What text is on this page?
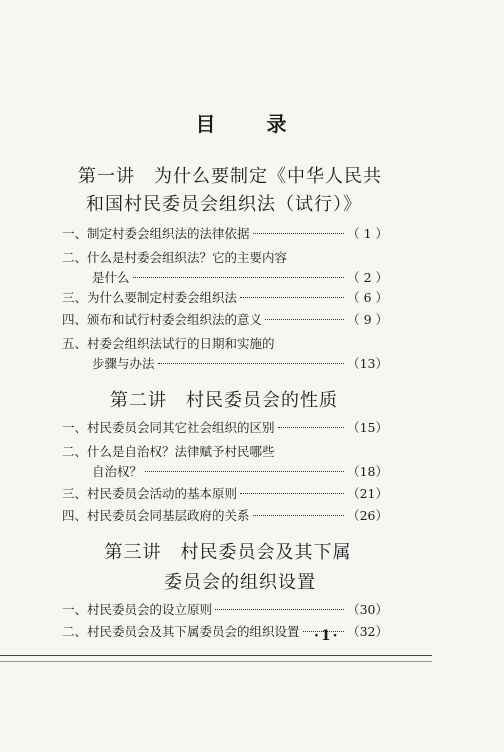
目 录
第一讲　为什么要制定《中华人民共
和国村民委员会组织法（试行）》
一、制定村委会组织法的法律依据	（ 1 ）
二、什么是村委会组织法？它的主要内容
是什么	（ 2 ）
三、为什么要制定村委会组织法	（ 6 ）
四、颁布和试行村委会组织法的意义	（ 9 ）
五、村委会组织法试行的日期和实施的
步骤与办法	（13）
第二讲　村民委员会的性质
一、村民委员会同其它社会组织的区别	（15）
二、什么是自治权？法律赋予村民哪些
自治权？	（18）
三、村民委员会活动的基本原则	（21）
四、村民委员会同基层政府的关系	（26）
第三讲　村民委员会及其下属
委员会的组织设置
一、村民委员会的设立原则	（30）
二、村民委员会及其下属委员会的组织设置	（32）
·1·
